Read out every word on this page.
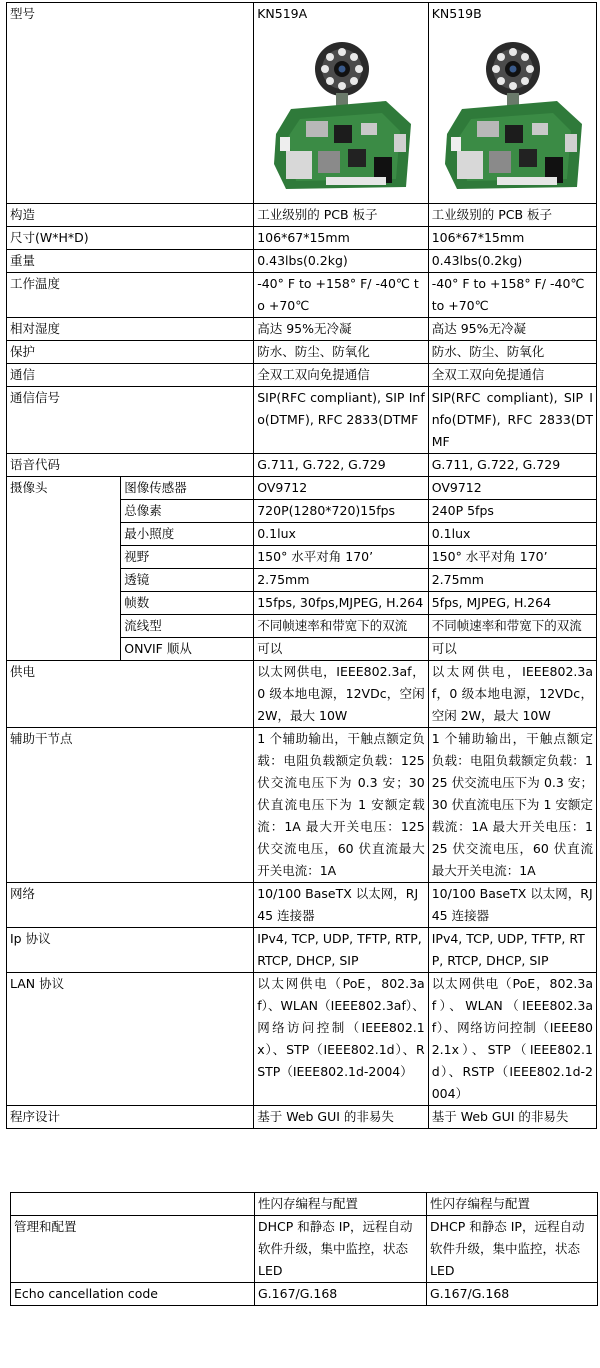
型号		KN519A	KN519B

构造		工业级别的 PCB 板子	工业级别的 PCB 板子
尺寸(W*H*D)		106*67*15mm	106*67*15mm
重量		0.43lbs(0.2kg)	0.43lbs(0.2kg)
工作温度		-40° F to +158° F/ -40℃ to +70℃	-40° F to +158° F/ -40℃ to +70℃
相对湿度		高达 95%无冷凝	高达 95%无冷凝
保护		防水、防尘、防氧化	防水、防尘、防氧化
通信		全双工双向免提通信	全双工双向免提通信
通信信号		SIP(RFC compliant), SIP Info(DTMF), RFC 2833(DTMF	SIP(RFC compliant), SIP Info(DTMF), RFC 2833(DTMF
语音代码		G.711, G.722, G.729	G.711, G.722, G.729
摄像头	图像传感器	OV9712	OV9712
	总像素	720P(1280*720)15fps	240P 5fps
	最小照度	0.1lux	0.1lux
	视野	150° 水平对角 170’	150° 水平对角 170’
	透镜	2.75mm	2.75mm
	帧数	15fps, 30fps,MJPEG, H.264	5fps, MJPEG, H.264
	流线型	不同帧速率和带宽下的双流	不同帧速率和带宽下的双流
	ONVIF 顺从	可以	可以
供电		以太网供电，IEEE802.3af，0 级本地电源，12VDc，空闲 2W，最大 10W	以太网供电，IEEE802.3af，0 级本地电源，12VDc，空闲 2W，最大 10W
辅助干节点		1 个辅助输出，干触点额定负载：电阻负载额定负载：125 伏交流电压下为 0.3 安；30 伏直流电压下为 1 安额定载流：1A 最大开关电压：125 伏交流电压，60 伏直流最大开关电流：1A	1 个辅助输出，干触点额定负载：电阻负载额定负载：125 伏交流电压下为 0.3 安；30 伏直流电压下为 1 安额定载流：1A 最大开关电压：125 伏交流电压，60 伏直流最大开关电流：1A
网络		10/100 BaseTX 以太网，RJ45 连接器	10/100 BaseTX 以太网，RJ45 连接器
Ip 协议		IPv4, TCP, UDP, TFTP, RTP, RTCP, DHCP, SIP	IPv4, TCP, UDP, TFTP, RTP, RTCP, DHCP, SIP
LAN 协议		以太网供电（PoE，802.3af）、WLAN（IEEE802.3af）、网络访问控制（IEEE802.1x）、STP（IEEE802.1d）、RSTP（IEEE802.1d-2004）	以太网供电（PoE，802.3af）、WLAN（IEEE802.3af）、网络访问控制（IEEE802.1x）、STP（IEEE802.1d）、RSTP（IEEE802.1d-2004）
程序设计		基于 Web GUI 的非易失	基于 Web GUI 的非易失
	性闪存编程与配置	性闪存编程与配置
管理和配置	DHCP 和静态 IP，远程自动软件升级，集中监控，状态 LED	DHCP 和静态 IP，远程自动软件升级，集中监控，状态 LED
Echo cancellation code	G.167/G.168	G.167/G.168
